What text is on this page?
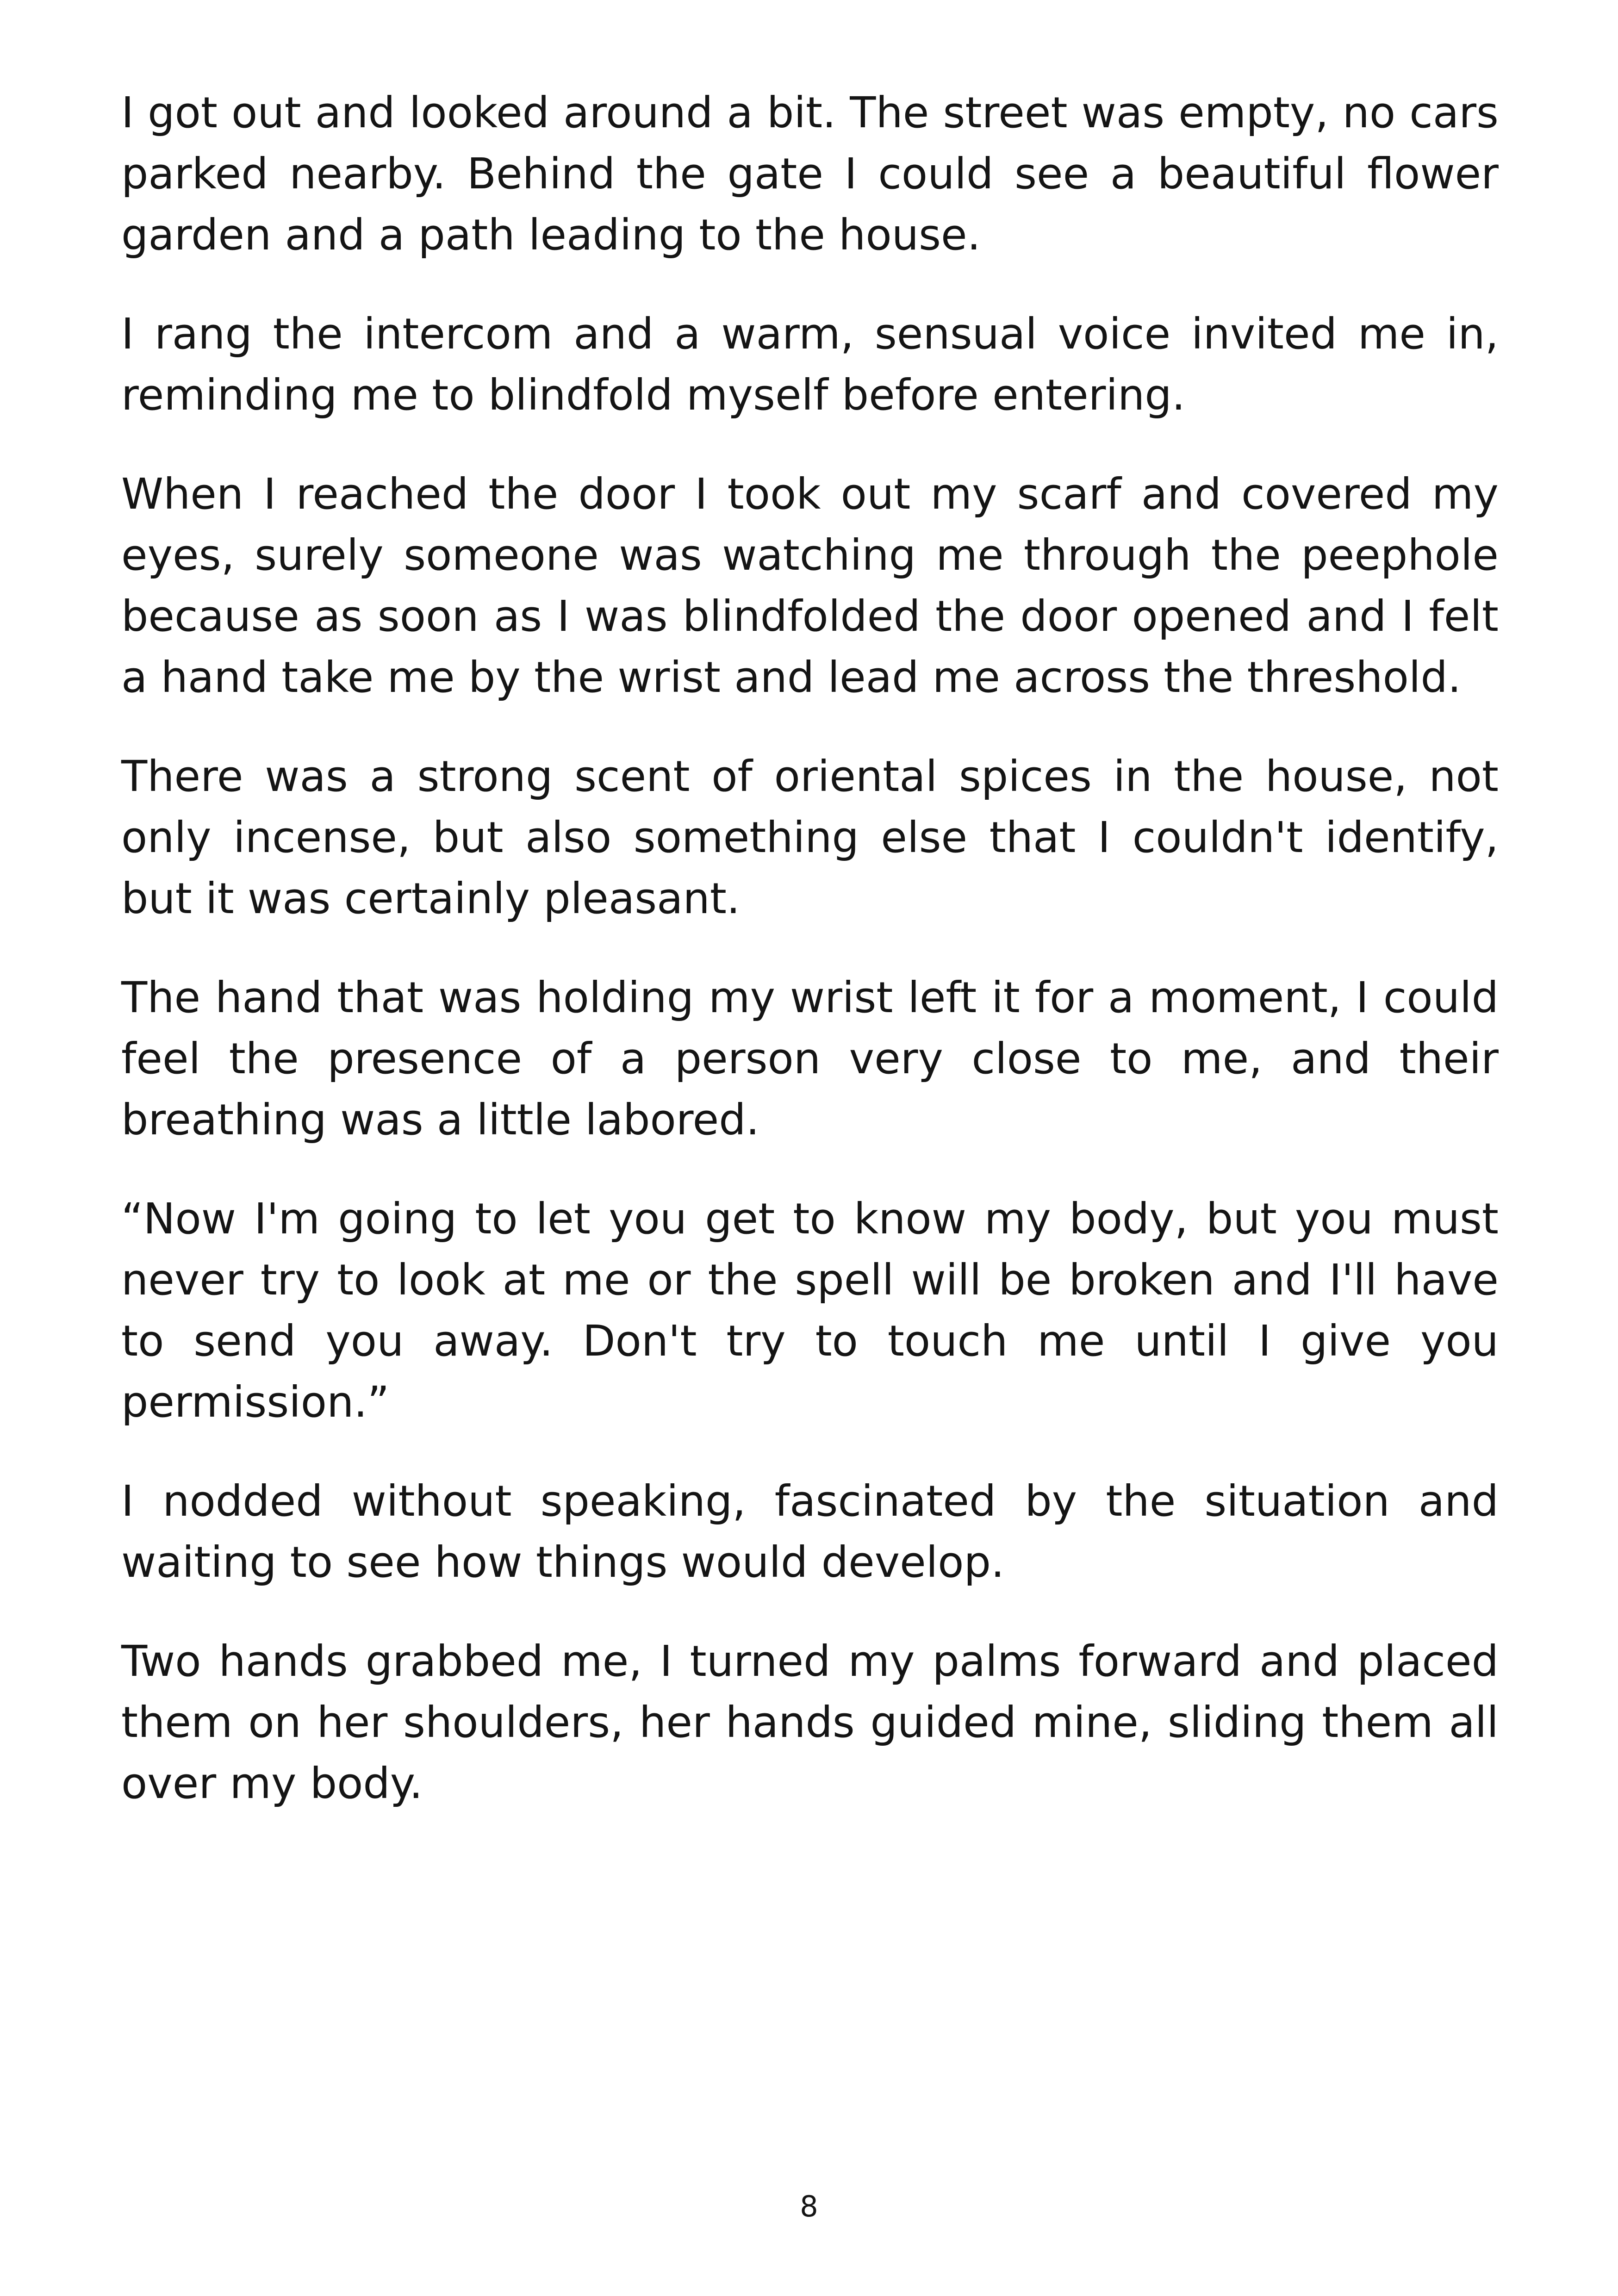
I got out and looked around a bit. The street was empty, no cars parked nearby. Behind the gate I could see a beautiful flower garden and a path leading to the house.

I rang the intercom and a warm, sensual voice invited me in, reminding me to blindfold myself before entering.

When I reached the door I took out my scarf and covered my eyes, surely someone was watching me through the peephole because as soon as I was blindfolded the door opened and I felt a hand take me by the wrist and lead me across the threshold.

There was a strong scent of oriental spices in the house, not only incense, but also something else that I couldn't identify, but it was certainly pleasant.

The hand that was holding my wrist left it for a moment, I could feel the presence of a person very close to me, and their breathing was a little labored.

“Now I'm going to let you get to know my body, but you must never try to look at me or the spell will be broken and I'll have to send you away. Don't try to touch me until I give you permission.”

I nodded without speaking, fascinated by the situation and waiting to see how things would develop.

Two hands grabbed me, I turned my palms forward and placed them on her shoulders, her hands guided mine, sliding them all over my body.

8
